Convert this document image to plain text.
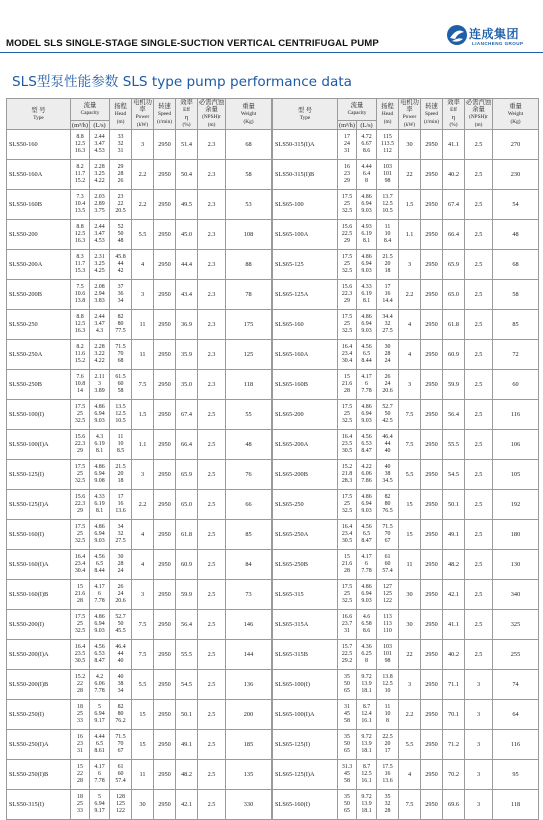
MODEL SLS SINGLE-STAGE SINGLE-SUCTION VERTICAL CENTRIFUGAL PUMP
连成集团
LIANCHENG GROUP
SLS型泵性能参数 SLS type pump performance data
型 号
Type	流量
Capacity		扬程
Head
(m)	电机功率
Power
(kW)	转速
Speed
(r/min)	效率
Eff
η
(%)	必需汽蚀余量
(NPSH)r
(m)	重量
Weight
(Kg)
	(m³/h)	(L/s)						
SLS50-160	8.8
12.5
16.3	2.44
3.47
4.53	33
32
31	3	2950	51.4	2.3	68
SLS50-160A	8.2
11.7
15.2	2.28
3.25
4.22	29
28
26	2.2	2950	50.4	2.3	58
SLS50-160B	7.3
10.4
13.5	2.03
2.89
3.75	23
22
20.5	2.2	2950	49.5	2.3	53
SLS50-200	8.8
12.5
16.3	2.44
3.47
4.53	52
50
48	5.5	2950	45.0	2.3	108
SLS50-200A	8.3
11.7
15.3	2.31
3.25
4.25	45.8
44
42	4	2950	44.4	2.3	88
SLS50-200B	7.5
10.6
13.8	2.08
2.94
3.83	37
36
34	3	2950	43.4	2.3	78
SLS50-250	8.8
12.5
16.3	2.44
3.47
4.3	82
80
77.5	11	2950	36.9	2.3	175
SLS50-250A	8.2
11.6
15.2	2.28
3.22
4.22	71.5
70
68	11	2950	35.9	2.3	125
SLS50-250B	7.6
10.8
14	2.11
3
3.89	61.5
60
58	7.5	2950	35.0	2.3	118
SLS50-100(I)	17.5
25
32.5	4.86
6.94
9.03	13.5
12.5
10.5	1.5	2950	67.4	2.5	55
SLS50-100(I)A	15.6
22.3
29	4.3
6.19
8.1	11
10
8.5	1.1	2950	66.4	2.5	48
SLS50-125(I)	17.5
25
32.5	4.86
6.94
9.08	21.5
20
18	3	2950	65.9	2.5	76
SLS50-125(I)A	15.6
22.3
29	4.33
6.19
8.1	17
16
13.6	2.2	2950	65.0	2.5	66
SLS50-160(I)	17.5
25
32.5	4.86
6.94
9.03	34
32
27.5	4	2950	61.8	2.5	85
SLS50-160(I)A	16.4
23.4
30.4	4.56
6.5
8.44	30
28
24	4	2950	60.9	2.5	84
SLS50-160(I)B	15
21.6
28	4.17
6
7.78	26
24
20.6	3	2950	59.9	2.5	73
SLS50-200(I)	17.5
25
32.5	4.86
6.94
9.03	52.7
50
45.5	7.5	2950	56.4	2.5	146
SLS50-200(I)A	16.4
23.5
30.5	4.56
6.53
8.47	46.4
44
40	7.5	2950	55.5	2.5	144
SLS50-200(I)B	15.2
22
28	4.2
6.06
7.78	40
38
34	5.5	2950	54.5	2.5	136
SLS50-250(I)	18
25
33	5
6.94
9.17	82
80
76.2	15	2950	50.1	2.5	200
SLS50-250(I)A	16
23
31	4.44
6.5
8.61	71.5
70
67	15	2950	49.1	2.5	185
SLS50-250(I)B	15
22
28	4.17
6
7.78	61
60
57.4	11	2950	48.2	2.5	135
SLS50-315(I)	18
25
33	5
6.94
9.17	128
125
122	30	2950	42.1	2.5	330
型 号
Type	流量
Capacity		扬程
Head
(m)	电机功率
Power
(kW)	转速
Speed
(r/min)	效率
Eff
η
(%)	必需汽蚀余量
(NPSH)r
(m)	重量
Weight
(Kg)
	(m³/h)	(L/s)						
SLS50-315(I)A	17
24
31	4.72
6.67
8.6	115
113.5
112	30	2950	41.1	2.5	270
SLS50-315(I)B	16
23
29	4.44
6.4
8	103
101
98	22	2950	40.2	2.5	230
SLS65-100	17.5
25
32.5	4.86
6.94
9.03	13.7
12.5
10.5	1.5	2950	67.4	2.5	54
SLS65-100A	15.6
22.5
29	4.93
6.19
8.1	11
10
8.4	1.1	2950	66.4	2.5	48
SLS65-125	17.5
25
32.5	4.86
6.94
9.03	21.5
20
18	3	2950	65.9	2.5	68
SLS65-125A	15.6
22.3
29	4.33
6.19
8.1	17
16
14.4	2.2	2950	65.0	2.5	58
SLS65-160	17.5
25
32.5	4.86
6.94
9.03	34.4
32
27.5	4	2950	61.8	2.5	85
SLS65-160A	16.4
23.4
30.4	4.56
6.5
8.44	30
28
24	4	2950	60.9	2.5	72
SLS65-160B	15
21.6
28	4.17
6
7.78	26
24
20.6	3	2950	59.9	2.5	60
SLS65-200	17.5
25
32.5	4.86
6.94
9.03	52.7
50
42.5	7.5	2950	56.4	2.5	116
SLS65-200A	16.4
23.5
30.5	4.56
6.53
8.47	46.4
44
40	7.5	2950	55.5	2.5	106
SLS65-200B	15.2
21.8
28.3	4.22
6.06
7.86	40
38
34.5	5.5	2950	54.5	2.5	105
SLS65-250	17.5
25
32.5	4.86
6.94
9.03	82
80
76.5	15	2950	50.1	2.5	192
SLS65-250A	16.4
23.4
30.5	4.56
6.5
8.47	71.5
70
67	15	2950	49.1	2.5	180
SLS65-250B	15
21.6
28	4.17
6
7.78	61
60
57.4	11	2950	48.2	2.5	130
SLS65-315	17.5
25
32.5	4.86
6.94
9.03	127
125
122	30	2950	42.1	2.5	340
SLS65-315A	16.6
23.7
31	4.6
6.58
8.6	113
113
110	30	2950	41.1	2.5	325
SLS65-315B	15.7
22.5
29.2	4.36
6.25
8	103
101
98	22	2950	40.2	2.5	255
SLS65-100(I)	35
50
65	9.72
13.9
18.1	13.8
12.5
10	3	2950	71.1	3	74
SLS65-100(I)A	31
45
58	8.7
12.4
16.1	11
10
8	2.2	2950	70.1	3	64
SLS65-125(I)	35
50
65	9.72
13.9
18.1	22.5
20
17	5.5	2950	71.2	3	116
SLS65-125(I)A	31.3
45
58	8.7
12.5
16.1	17.5
16
13.6	4	2950	70.2	3	95
SLS65-160(I)	35
50
65	9.72
13.9
18.1	35
32
28	7.5	2950	69.6	3	118
